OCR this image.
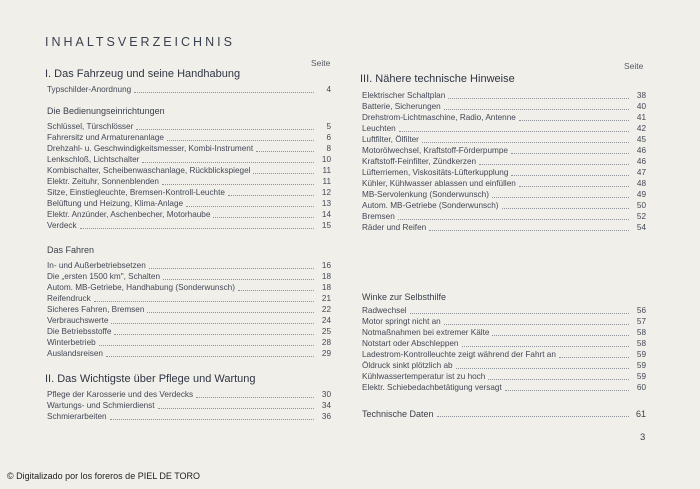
INHALTSVERZEICHNIS
Seite
I. Das Fahrzeug und seine Handhabung
Typschilder-Anordnung	4
Die Bedienungseinrichtungen
Schlüssel, Türschlösser	5
Fahrersitz und Armaturenanlage	6
Drehzahl- u. Geschwindigkeitsmesser, Kombi-Instrument	8
Lenkschloß, Lichtschalter	10
Kombischalter, Scheibenwaschanlage, Rückblickspiegel	11
Elektr. Zeituhr, Sonnenblenden	11
Sitze, Einstiegleuchte, Bremsen-Kontroll-Leuchte	12
Belüftung und Heizung, Klima-Anlage	13
Elektr. Anzünder, Aschenbecher, Motorhaube	14
Verdeck	15
Das Fahren
In- und Außerbetriebsetzen	16
Die „ersten 1500 km", Schalten	18
Autom. MB-Getriebe, Handhabung (Sonderwunsch)	18
Reifendruck	21
Sicheres Fahren, Bremsen	22
Verbrauchswerte	24
Die Betriebsstoffe	25
Winterbetrieb	28
Auslandsreisen	29
II. Das Wichtigste über Pflege und Wartung
Pflege der Karosserie und des Verdecks	30
Wartungs- und Schmierdienst	34
Schmierarbeiten	36
Seite
III. Nähere technische Hinweise
Elektrischer Schaltplan	38
Batterie, Sicherungen	40
Drehstrom-Lichtmaschine, Radio, Antenne	41
Leuchten	42
Luftfilter, Ölfilter	45
Motorölwechsel, Kraftstoff-Förderpumpe	46
Kraftstoff-Feinfilter, Zündkerzen	46
Lüfterriemen, Viskositäts-Lüfterkupplung	47
Kühler, Kühlwasser ablassen und einfüllen	48
MB-Servolenkung (Sonderwunsch)	49
Autom. MB-Getriebe (Sonderwunsch)	50
Bremsen	52
Räder und Reifen	54
Winke zur Selbsthilfe
Radwechsel	56
Motor springt nicht an	57
Notmaßnahmen bei extremer Kälte	58
Notstart oder Abschleppen	58
Ladestrom-Kontrolleuchte zeigt während der Fahrt an	59
Öldruck sinkt plötzlich ab	59
Kühlwassertemperatur ist zu hoch	59
Elektr. Schiebedachbetätigung versagt	60
Technische Daten	61
3
© Digitalizado por los foreros de PIEL DE TORO
